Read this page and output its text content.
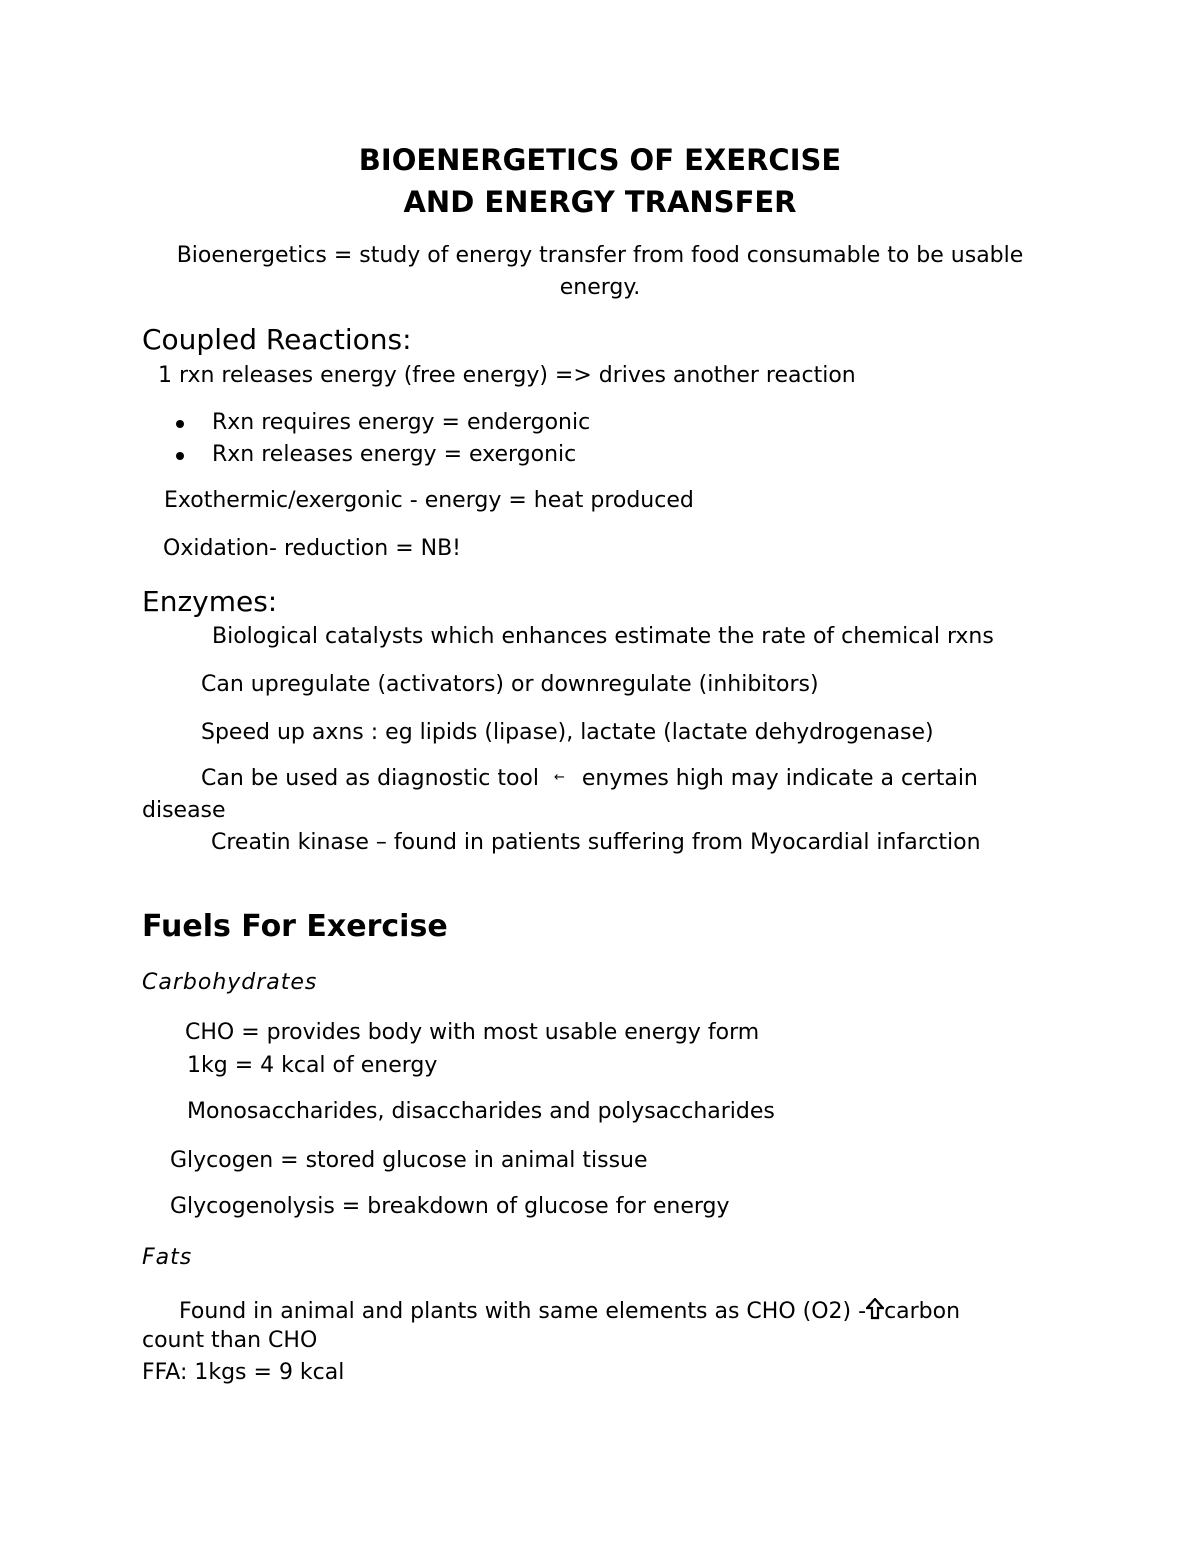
BIOENERGETICS OF EXERCISE
AND ENERGY TRANSFER
Bioenergetics = study of energy transfer from food consumable to be usable
energy.
Coupled Reactions:
1 rxn releases energy (free energy) => drives another reaction
Rxn requires energy = endergonic
Rxn releases energy = exergonic
Exothermic/exergonic - energy = heat produced
Oxidation- reduction = NB!
Enzymes:
Biological catalysts which enhances estimate the rate of chemical rxns
Can upregulate (activators) or downregulate (inhibitors)
Speed up axns : eg lipids (lipase), lactate (lactate dehydrogenase)
Can be used as diagnostic tool ← enymes high may indicate a certain
disease
Creatin kinase – found in patients suffering from Myocardial infarction
Fuels For Exercise
Carbohydrates
CHO = provides body with most usable energy form
1kg = 4 kcal of energy
Monosaccharides, disaccharides and polysaccharides
Glycogen = stored glucose in animal tissue
Glycogenolysis = breakdown of glucose for energy
Fats
Found in animal and plants with same elements as CHO (O2) - carbon
count than CHO
FFA: 1kgs = 9 kcal
